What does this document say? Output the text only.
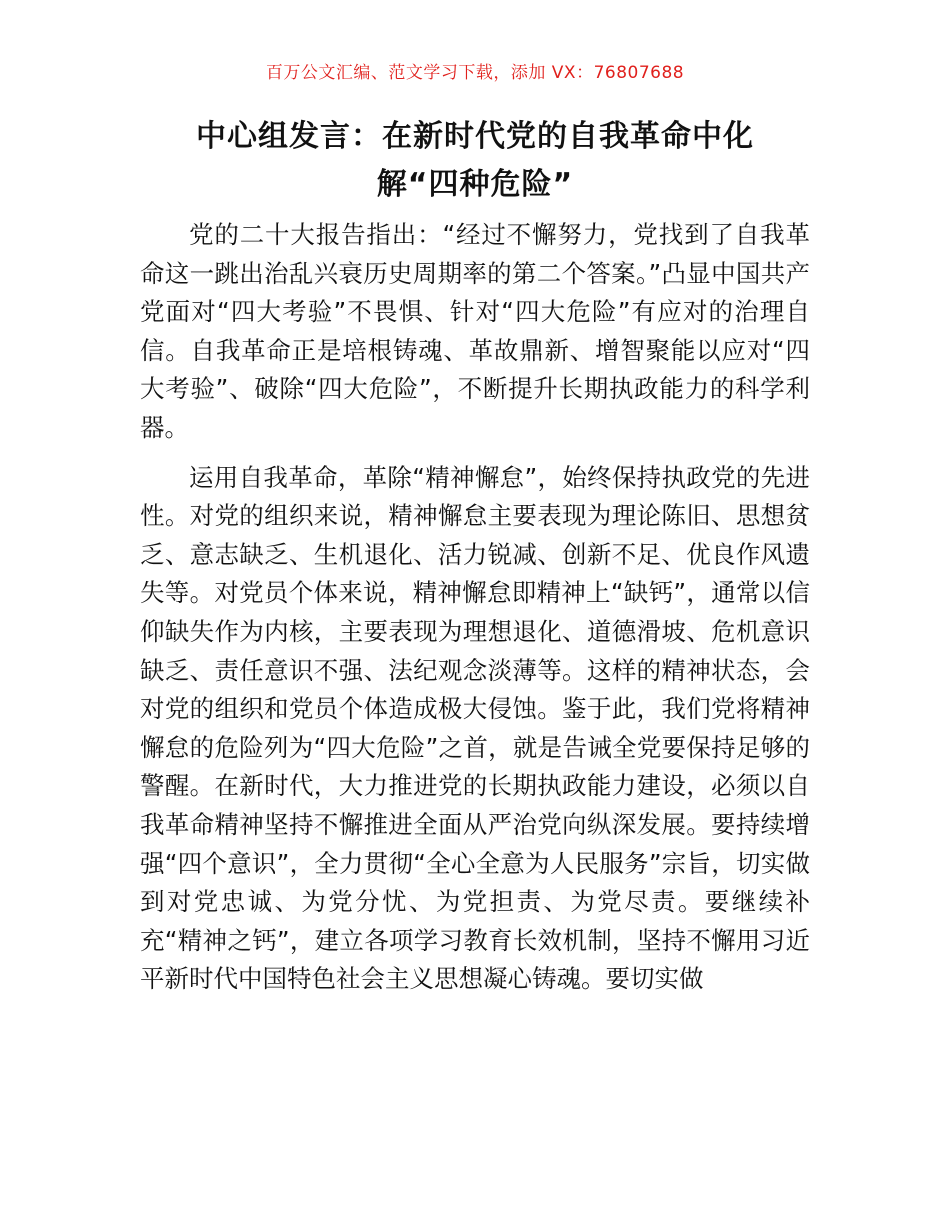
百万公文汇编、范文学习下载，添加 VX：76807688
中心组发言：在新时代党的自我革命中化
解“四种危险”

党的二十大报告指出：“经过不懈努力，党找到了自我革命这一跳出治乱兴衰历史周期率的第二个答案。”凸显中国共产党面对“四大考验”不畏惧、针对“四大危险”有应对的治理自信。自我革命正是培根铸魂、革故鼎新、增智聚能以应对“四大考验”、破除“四大危险”，不断提升长期执政能力的科学利器。

运用自我革命，革除“精神懈怠”，始终保持执政党的先进性。对党的组织来说，精神懈怠主要表现为理论陈旧、思想贫乏、意志缺乏、生机退化、活力锐减、创新不足、优良作风遗失等。对党员个体来说，精神懈怠即精神上“缺钙”，通常以信仰缺失作为内核，主要表现为理想退化、道德滑坡、危机意识缺乏、责任意识不强、法纪观念淡薄等。这样的精神状态，会对党的组织和党员个体造成极大侵蚀。鉴于此，我们党将精神懈怠的危险列为“四大危险”之首，就是告诫全党要保持足够的警醒。在新时代，大力推进党的长期执政能力建设，必须以自我革命精神坚持不懈推进全面从严治党向纵深发展。要持续增强“四个意识”，全力贯彻“全心全意为人民服务”宗旨，切实做到对党忠诚、为党分忧、为党担责、为党尽责。要继续补充“精神之钙”，建立各项学习教育长效机制，坚持不懈用习近平新时代中国特色社会主义思想凝心铸魂。要切实做
